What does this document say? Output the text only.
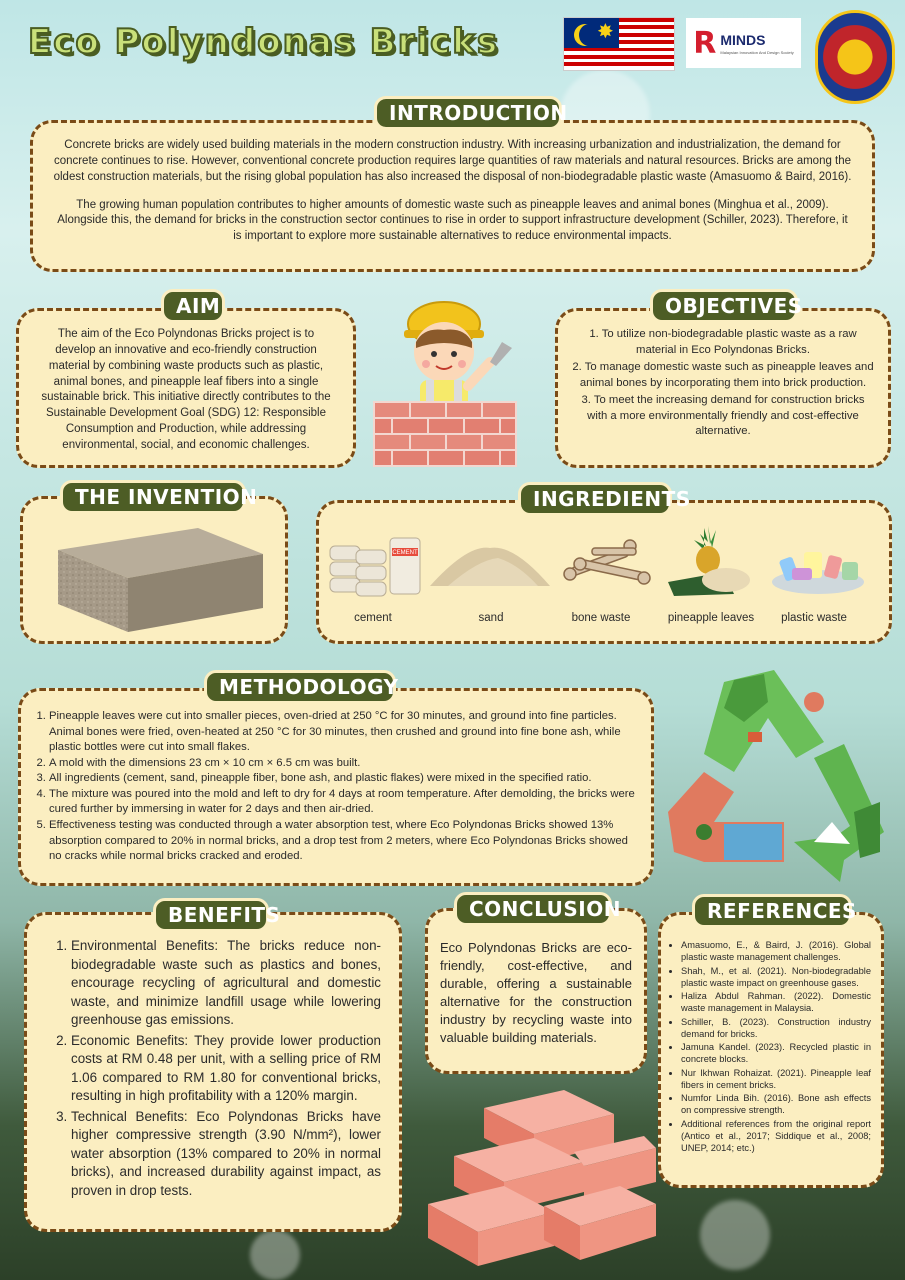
Eco Polyndonas Bricks	✸	R MINDS
Malaysian Innovation And Design Society

Concrete bricks are widely used building materials in the modern construction industry. With increasing urbanization and industrialization, the demand for concrete continues to rise. However, conventional concrete production requires large quantities of raw materials and natural resources. Bricks are among the oldest construction materials, but the rising global population has also increased the disposal of non-biodegradable plastic waste (Amasuomo & Baird, 2016).

The growing human population contributes to higher amounts of domestic waste such as pineapple leaves and animal bones (Minghua et al., 2009). Alongside this, the demand for bricks in the construction sector continues to rise in order to support infrastructure development (Schiller, 2023). Therefore, it is important to explore more sustainable alternatives to reduce environmental impacts.

INTRODUCTION

The aim of the Eco Polyndonas Bricks project is to develop an innovative and eco-friendly construction material by combining waste products such as plastic, animal bones, and pineapple leaf fibers into a single sustainable brick. This initiative directly contributes to the Sustainable Development Goal (SDG) 12: Responsible Consumption and Production, while addressing environmental, social, and economic challenges.

AIM
1. To utilize non-biodegradable plastic waste as a raw material in Eco Polyndonas Bricks.
2. To manage domestic waste such as pineapple leaves and animal bones by incorporating them into brick production.
3. To meet the increasing demand for construction bricks with a more environmentally friendly and cost-effective alternative.
OBJECTIVES
THE INVENTION	INGREDIENTS
CEMENT
cement	sand	bone waste	pineapple leaves	plastic waste
1. Pineapple leaves were cut into smaller pieces, oven-dried at 250 °C for 30 minutes, and ground into fine particles. Animal bones were fried, oven-heated at 250 °C for 30 minutes, then crushed and ground into fine bone ash, while plastic bottles were cut into small flakes.
2. A mold with the dimensions 23 cm × 10 cm × 6.5 cm was built.
3. All ingredients (cement, sand, pineapple fiber, bone ash, and plastic flakes) were mixed in the specified ratio.
4. The mixture was poured into the mold and left to dry for 4 days at room temperature. After demolding, the bricks were cured further by immersing in water for 2 days and then air-dried.
5. Effectiveness testing was conducted through a water absorption test, where Eco Polyndonas Bricks showed 13% absorption compared to 20% in normal bricks, and a drop test from 2 meters, where Eco Polyndonas Bricks showed no cracks while normal bricks cracked and eroded.
METHODOLOGY
1. Environmental Benefits: The bricks reduce non-biodegradable waste such as plastics and bones, encourage recycling of agricultural and domestic waste, and minimize landfill usage while lowering greenhouse gas emissions.
2. Economic Benefits: They provide lower production costs at RM 0.48 per unit, with a selling price of RM 1.06 compared to RM 1.80 for conventional bricks, resulting in high profitability with a 120% margin.
3. Technical Benefits: Eco Polyndonas Bricks have higher compressive strength (3.90 N/mm²), lower water absorption (13% compared to 20% in normal bricks), and increased durability against impact, as proven in drop tests.
BENEFITS

Eco Polyndonas Bricks are eco-friendly, cost-effective, and durable, offering a sustainable alternative for the construction industry by recycling waste into valuable building materials.

CONCLUSION
• Amasuomo, E., & Baird, J. (2016). Global plastic waste management challenges.
• Shah, M., et al. (2021). Non-biodegradable plastic waste impact on greenhouse gases.
• Haliza Abdul Rahman. (2022). Domestic waste management in Malaysia.
• Schiller, B. (2023). Construction industry demand for bricks.
• Jamuna Kandel. (2023). Recycled plastic in concrete blocks.
• Nur Ikhwan Rohaizat. (2021). Pineapple leaf fibers in cement bricks.
• Numfor Linda Bih. (2016). Bone ash effects on compressive strength.
• Additional references from the original report (Antico et al., 2017; Siddique et al., 2008; UNEP, 2014; etc.)
REFERENCES
